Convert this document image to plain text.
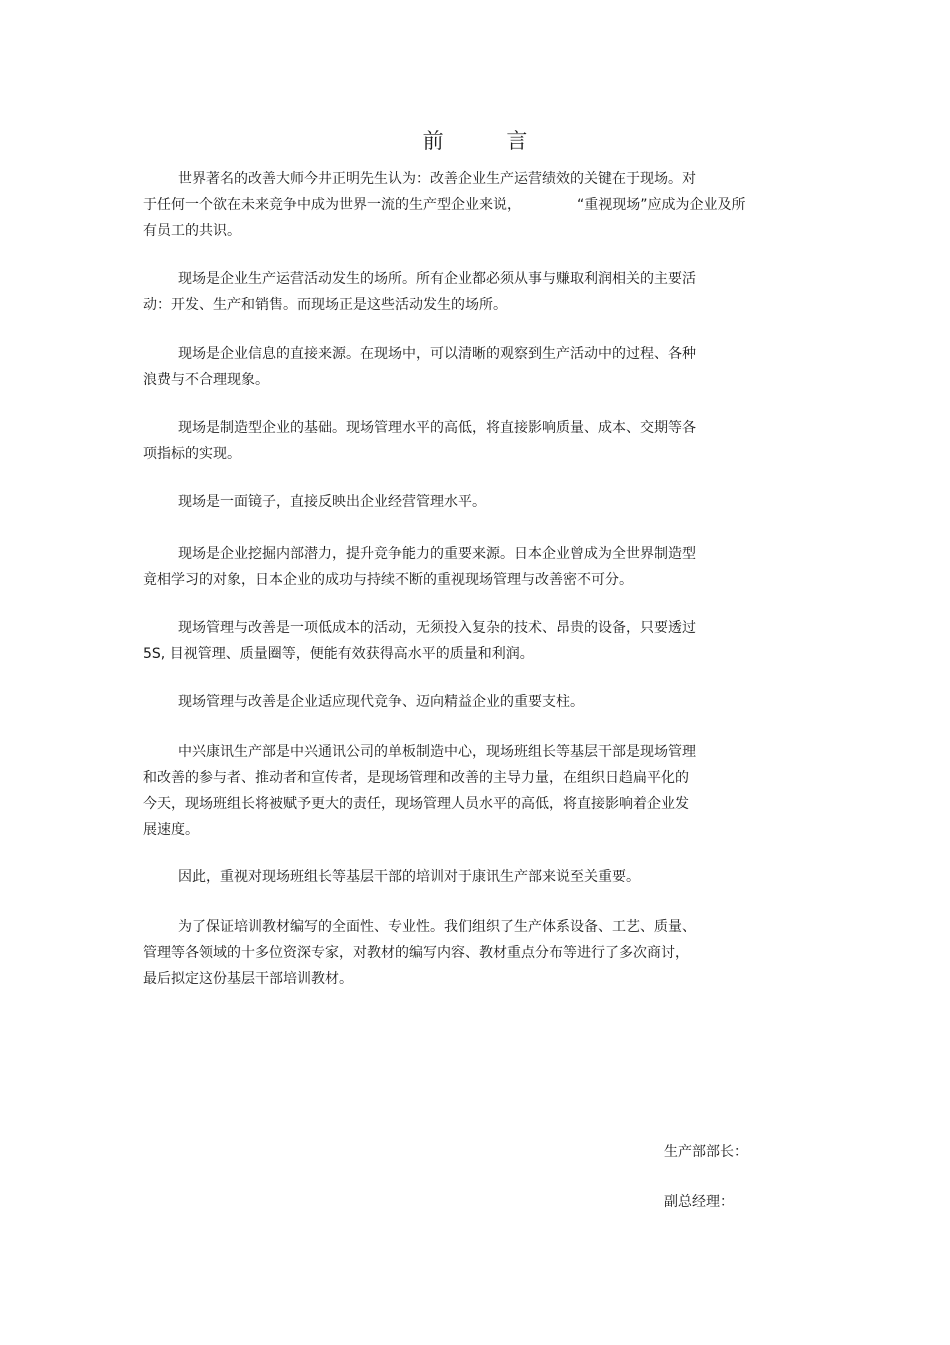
前 言
世界著名的改善大师今井正明先生认为：改善企业生产运营绩效的关键在于现场。对
于任何一个欲在未来竞争中成为世界一流的生产型企业来说，	“重视现场”应成为企业及所
有员工的共识。
现场是企业生产运营活动发生的场所。所有企业都必须从事与赚取利润相关的主要活
动：开发、生产和销售。而现场正是这些活动发生的场所。
现场是企业信息的直接来源。在现场中，可以清晰的观察到生产活动中的过程、各种
浪费与不合理现象。
现场是制造型企业的基础。现场管理水平的高低，将直接影响质量、成本、交期等各
项指标的实现。
现场是一面镜子，直接反映出企业经营管理水平。
现场是企业挖掘内部潜力，提升竞争能力的重要来源。日本企业曾成为全世界制造型
竟相学习的对象，日本企业的成功与持续不断的重视现场管理与改善密不可分。
现场管理与改善是一项低成本的活动，无须投入复杂的技术、昂贵的设备，只要透过
5S, 目视管理、质量圈等，便能有效获得高水平的质量和利润。
现场管理与改善是企业适应现代竞争、迈向精益企业的重要支柱。
中兴康讯生产部是中兴通讯公司的单板制造中心，现场班组长等基层干部是现场管理
和改善的参与者、推动者和宣传者，是现场管理和改善的主导力量，在组织日趋扁平化的
今天，现场班组长将被赋予更大的责任，现场管理人员水平的高低，将直接影响着企业发
展速度。
因此，重视对现场班组长等基层干部的培训对于康讯生产部来说至关重要。
为了保证培训教材编写的全面性、专业性。我们组织了生产体系设备、工艺、质量、
管理等各领域的十多位资深专家，对教材的编写内容、教材重点分布等进行了多次商讨，
最后拟定这份基层干部培训教材。
生产部部长：
副总经理：
